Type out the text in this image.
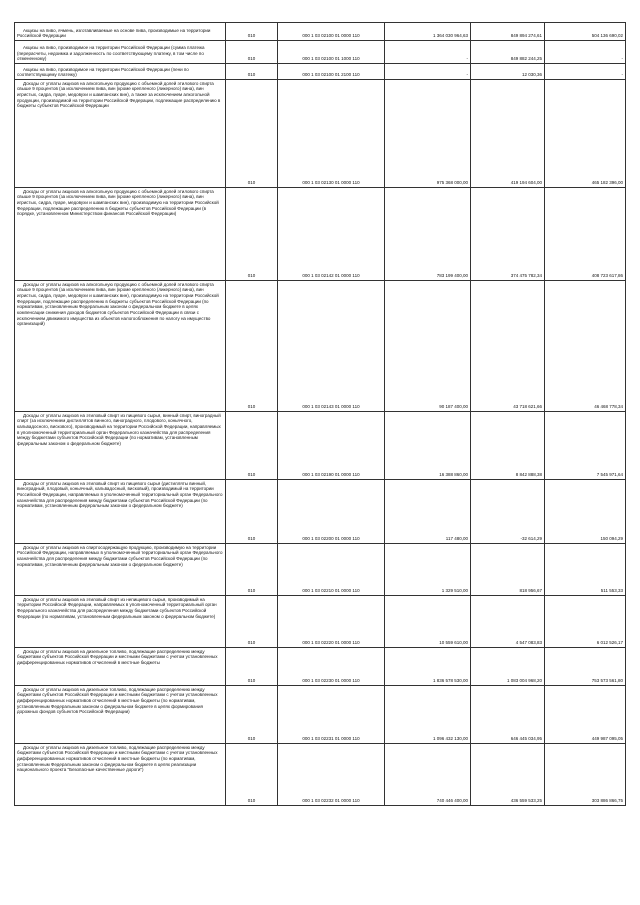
Акцизы на пиво, ячмень, изготавливаемые на основе пива, производимые на территории Российской Федерации	010	000 1 03 02100 01 0000 110	1 364 030 964,63	849 894 274,61	504 136 690,02

Акцизы на пиво, производимое на территории Российской Федерации (сумма платежа (перерасчеты, недоимка и задолженность по соответствующему платежу, в том числе по отмененному)	010	000 1 03 02100 01 1000 110	-	849 882 244,25	-

Акцизы на пиво, производимое на территории Российской Федерации (пени по соответствующему платежу)	010	000 1 03 02100 01 2100 110	-	12 030,36	-

Доходы от уплаты акцизов на алкогольную продукцию с объемной долей этилового спирта свыше 9 процентов (за исключением пива, вин (кроме крепленого (ликерного) вина), вин игристых, сидра, пуаре, медовухи и шампанских вин), а также за исключением алкогольной продукции, производимой на территории Российской Федерации, подлежащие распределению в бюджеты субъектов Российской Федерации	010	000 1 03 02130 01 0000 110	975 368 000,00	419 194 604,00	465 182 396,00

Доходы от уплаты акцизов на алкогольную продукцию с объемной долей этилового спирта свыше 9 процентов (за исключением пива, вин (кроме крепленого (ликерного) вина), вин игристых, сидра, пуаре, медовухи и шампанских вин), производимую на территории Российской Федерации, подлежащие распределению в бюджеты субъектов Российской Федерации (в порядке, установленном Министерством финансов Российской Федерации)	010	000 1 03 02142 01 0000 110	783 199 400,00	374 475 782,34	408 723 617,86

Доходы от уплаты акцизов на алкогольную продукцию с объемной долей этилового спирта свыше 9 процентов (за исключением пива, вин (кроме крепленого (ликерного) вина), вин игристых, сидра, пуаре, медовухи и шампанских вин), производимую на территории Российской Федерации, подлежащие распределению в бюджеты субъектов Российской Федерации (по нормативам, установленным Федеральным законом о федеральном бюджете в целях компенсации снижения доходов бюджетов субъектов Российской Федерации в связи с исключением движимого имущества из объектов налогообложения по налогу на имущество организаций)	010	000 1 03 02143 01 0000 110	90 187 400,00	43 718 621,66	46 468 778,34

Доходы от уплаты акцизов на этиловый спирт из пищевого сырья, винный спирт, виноградный спирт (за исключением дистиллятов винного, виноградного, плодового, коньячного, кальвадосного, вискового), производимый на территории Российской Федерации, направляемых в уполномоченный территориальный орган Федерального казначейства для распределения между бюджетами субъектов Российской Федерации (по нормативам, установленным федеральным законом о федеральном бюджете)	010	000 1 03 02190 01 0000 110	16 388 860,00	8 842 888,38	7 545 971,64

Доходы от уплаты акцизов на этиловый спирт из пищевого сырья (дистилляты винный, виноградный, плодовый, коньячный, кальвадосный, висковый), производимый на территории Российской Федерации, направляемых в уполномоченный территориальный орган Федерального казначейства для распределения между бюджетами субъектов Российской Федерации (по нормативам, установленным федеральным законом о федеральном бюджете)	010	000 1 03 02200 01 0000 110	117 480,00	-32 614,29	150 094,29

Доходы от уплаты акцизов на спиртосодержащую продукцию, производимую на территории Российской Федерации, направляемых в уполномоченный территориальный орган Федерального казначейства для распределения между бюджетами субъектов Российской Федерации (по нормативам, установленным федеральным законом о федеральном бюджете)	010	000 1 03 02210 01 0000 110	1 329 510,00	818 956,67	511 553,33

Доходы от уплаты акцизов на этиловый спирт из непищевого сырья, производимый на территории Российской Федерации, направляемых в уполномоченный территориальный орган Федерального казначейства для распределения между бюджетами субъектов Российской Федерации (по нормативам, установленным федеральным законом о федеральном бюджете)	010	000 1 03 02220 01 0000 110	10 559 610,00	4 547 083,83	6 012 526,17

Доходы от уплаты акцизов на дизельное топливо, подлежащие распределению между бюджетами субъектов Российской Федерации и местными бюджетами с учетом установленных дифференцированных нормативов отчислений в местные бюджеты	010	000 1 03 02230 01 0000 110	1 836 578 530,00	1 083 004 968,20	753 573 561,80

Доходы от уплаты акцизов на дизельное топливо, подлежащие распределению между бюджетами субъектов Российской Федерации и местными бюджетами с учетом установленных дифференцированных нормативов отчислений в местные бюджеты (по нормативам, установленным Федеральным законом о федеральном бюджете в целях формирования дорожных фондов субъектов Российской Федерации)	010	000 1 03 02231 01 0000 110	1 096 432 130,00	646 445 034,95	449 987 095,05

Доходы от уплаты акцизов на дизельное топливо, подлежащие распределению между бюджетами субъектов Российской Федерации и местными бюджетами с учетом установленных дифференцированных нормативов отчислений в местные бюджеты (по нормативам, установленным Федеральным законом о федеральном бюджете в целях реализации национального проекта "Безопасные качественные дороги")	010	000 1 03 02232 01 0000 110	740 446 400,00	436 559 533,25	303 886 866,75
